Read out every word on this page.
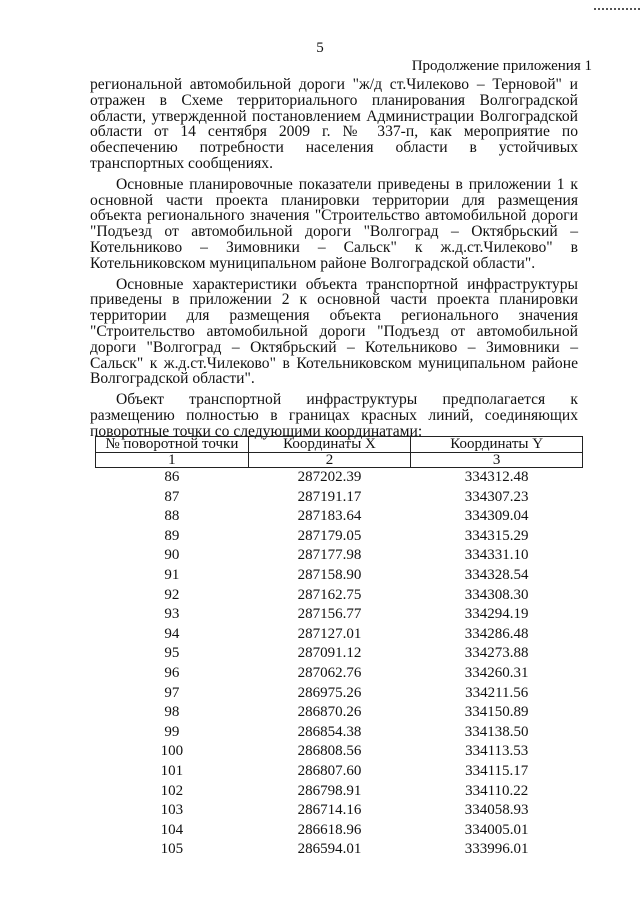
5
Продолжение приложения 1

региональной автомобильной дороги "ж/д ст.Чилеково – Терновой" и отражен в Схеме территориального планирования Волгоградской области, утвержденной постановлением Администрации Волгоградской области от 14 сентября 2009 г. № 337-п, как мероприятие по обеспечению потребности населения области в устойчивых транспортных сообщениях.

Основные планировочные показатели приведены в приложении 1 к основной части проекта планировки территории для размещения объекта регионального значения "Строительство автомобильной дороги "Подъезд от автомобильной дороги "Волгоград – Октябрьский – Котельниково – Зимовники – Сальск" к ж.д.ст.Чилеково" в Котельниковском муниципальном районе Волгоградской области".

Основные характеристики объекта транспортной инфраструктуры приведены в приложении 2 к основной части проекта планировки территории для размещения объекта регионального значения "Строительство автомобильной дороги "Подъезд от автомобильной дороги "Волгоград – Октябрьский – Котельниково – Зимовники – Сальск" к ж.д.ст.Чилеково" в Котельниковском муниципальном районе Волгоградской области".

Объект транспортной инфраструктуры предполагается к размещению полностью в границах красных линий, соединяющих поворотные точки со следующими координатами:

№ поворотной точки	Координаты X	Координаты Y
1	2	3
86	287202.39	334312.48
87	287191.17	334307.23
88	287183.64	334309.04
89	287179.05	334315.29
90	287177.98	334331.10
91	287158.90	334328.54
92	287162.75	334308.30
93	287156.77	334294.19
94	287127.01	334286.48
95	287091.12	334273.88
96	287062.76	334260.31
97	286975.26	334211.56
98	286870.26	334150.89
99	286854.38	334138.50
100	286808.56	334113.53
101	286807.60	334115.17
102	286798.91	334110.22
103	286714.16	334058.93
104	286618.96	334005.01
105	286594.01	333996.01
